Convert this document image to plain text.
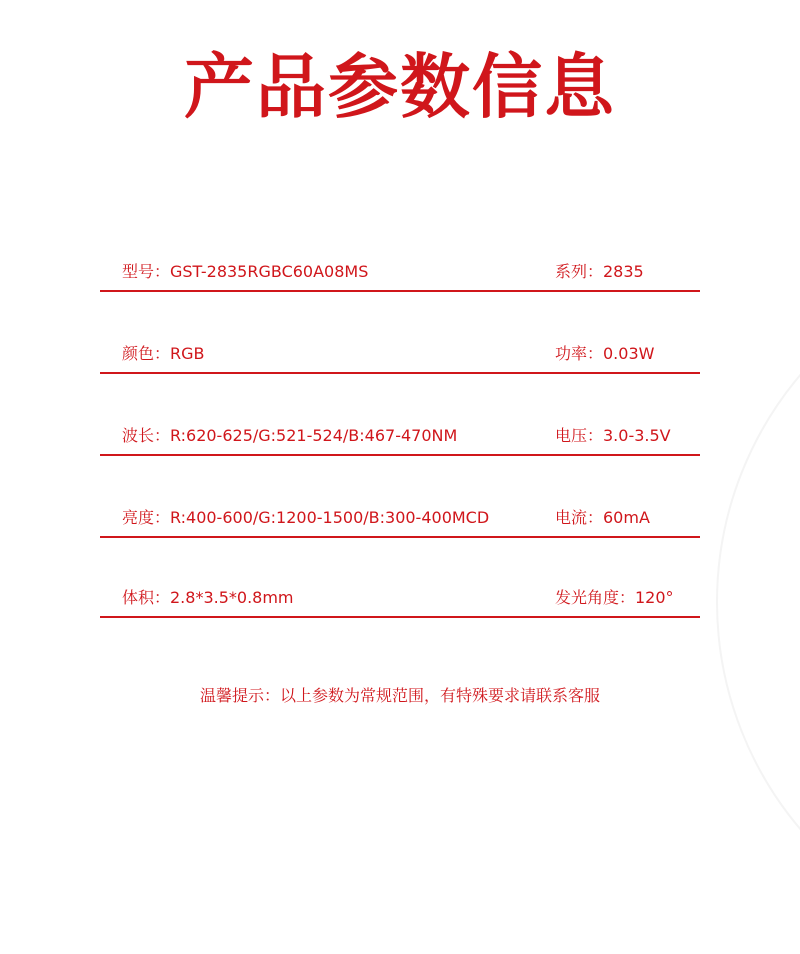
产品参数信息
型号：GST-2835RGBC60A08MS	系列：2835
颜色：RGB	功率：0.03W
波长：R:620-625/G:521-524/B:467-470NM	电压：3.0-3.5V
亮度：R:400-600/G:1200-1500/B:300-400MCD	电流：60mA
体积：2.8*3.5*0.8mm	发光角度：120°
温馨提示：以上参数为常规范围，有特殊要求请联系客服
